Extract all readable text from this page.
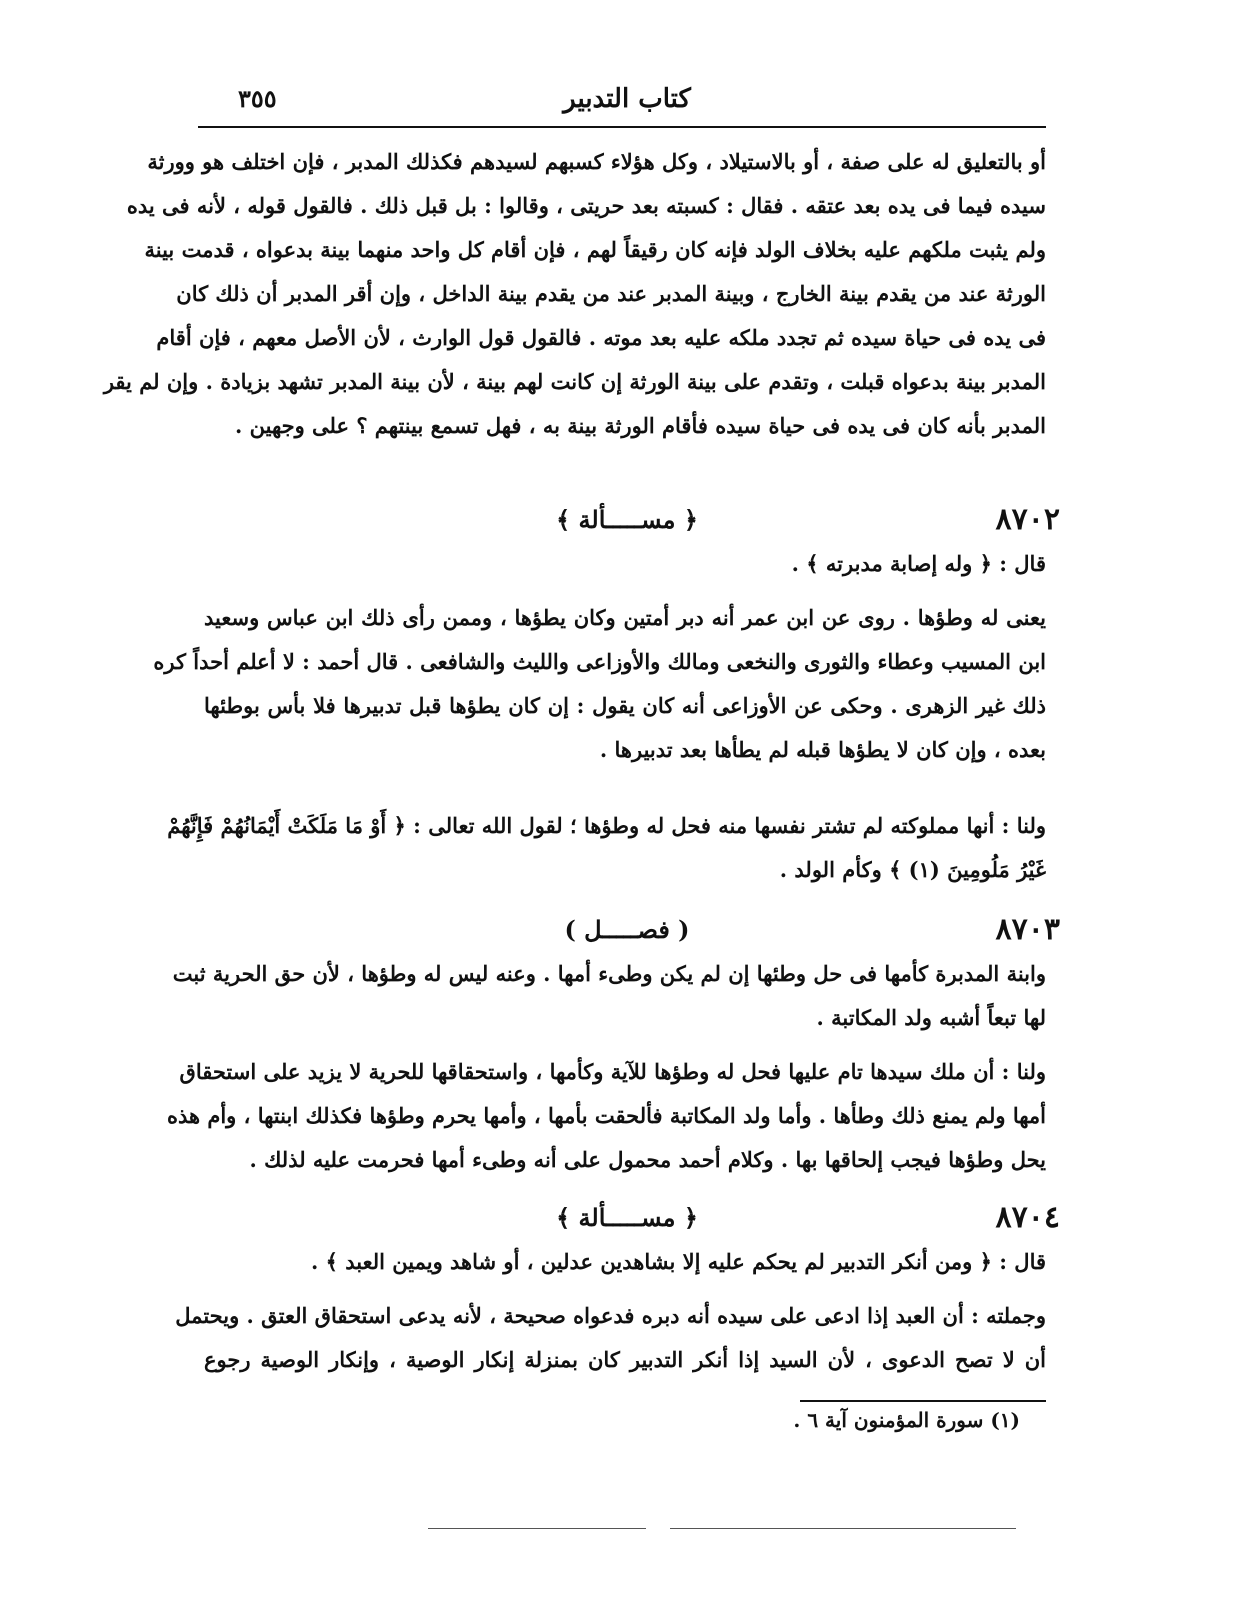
كتاب التدبير
٣٥٥
أو بالتعليق له على صفة ، أو بالاستيلاد ، وكل هؤلاء كسبهم لسيدهم فكذلك المدبر ، فإن اختلف هو وورثة
سيده فيما فى يده بعد عتقه . فقال : كسبته بعد حريتى ، وقالوا : بل قبل ذلك . فالقول قوله ، لأنه فى يده
ولم يثبت ملكهم عليه بخلاف الولد فإنه كان رقيقاً لهم ، فإن أقام كل واحد منهما بينة بدعواه ، قدمت بينة
الورثة عند من يقدم بينة الخارج ، وبينة المدبر عند من يقدم بينة الداخل ، وإن أقر المدبر أن ذلك كان
فى يده فى حياة سيده ثم تجدد ملكه عليه بعد موته . فالقول قول الوارث ، لأن الأصل معهم ، فإن أقام
المدبر بينة بدعواه قبلت ، وتقدم على بينة الورثة إن كانت لهم بينة ، لأن بينة المدبر تشهد بزيادة . وإن لم يقر
المدبر بأنه كان فى يده فى حياة سيده فأقام الورثة بينة به ، فهل تسمع بينتهم ؟ على وجهين .
٨٧٠٢
﴿ مســـــألة ﴾
قال : ﴿ وله إصابة مدبرته ﴾ .
يعنى له وطؤها . روى عن ابن عمر أنه دبر أمتين وكان يطؤها ، وممن رأى ذلك ابن عباس وسعيد
ابن المسيب وعطاء والثورى والنخعى ومالك والأوزاعى والليث والشافعى . قال أحمد : لا أعلم أحداً كره
ذلك غير الزهرى . وحكى عن الأوزاعى أنه كان يقول : إن كان يطؤها قبل تدبيرها فلا بأس بوطئها
بعده ، وإن كان لا يطؤها قبله لم يطأها بعد تدبيرها .
ولنا : أنها مملوكته لم تشتر نفسها منه فحل له وطؤها ؛ لقول الله تعالى : ﴿ أَوْ مَا مَلَكَتْ أَيْمَانُهُمْ فَإِنَّهُمْ
غَيْرُ مَلُومِينَ (١) ﴾ وكأم الولد .
٨٧٠٣
( فصـــــل )
وابنة المدبرة كأمها فى حل وطئها إن لم يكن وطىء أمها . وعنه ليس له وطؤها ، لأن حق الحرية ثبت
لها تبعاً أشبه ولد المكاتبة .
ولنا : أن ملك سيدها تام عليها فحل له وطؤها للآية وكأمها ، واستحقاقها للحرية لا يزيد على استحقاق
أمها ولم يمنع ذلك وطأها . وأما ولد المكاتبة فألحقت بأمها ، وأمها يحرم وطؤها فكذلك ابنتها ، وأم هذه
يحل وطؤها فيجب إلحاقها بها . وكلام أحمد محمول على أنه وطىء أمها فحرمت عليه لذلك .
٨٧٠٤
﴿ مســـــألة ﴾
قال : ﴿ ومن أنكر التدبير لم يحكم عليه إلا بشاهدين عدلين ، أو شاهد ويمين العبد ﴾ .
وجملته : أن العبد إذا ادعى على سيده أنه دبره فدعواه صحيحة ، لأنه يدعى استحقاق العتق . ويحتمل
أن لا تصح الدعوى ، لأن السيد إذا أنكر التدبير كان بمنزلة إنكار الوصية ، وإنكار الوصية رجوع
(١) سورة المؤمنون آية ٦ .
